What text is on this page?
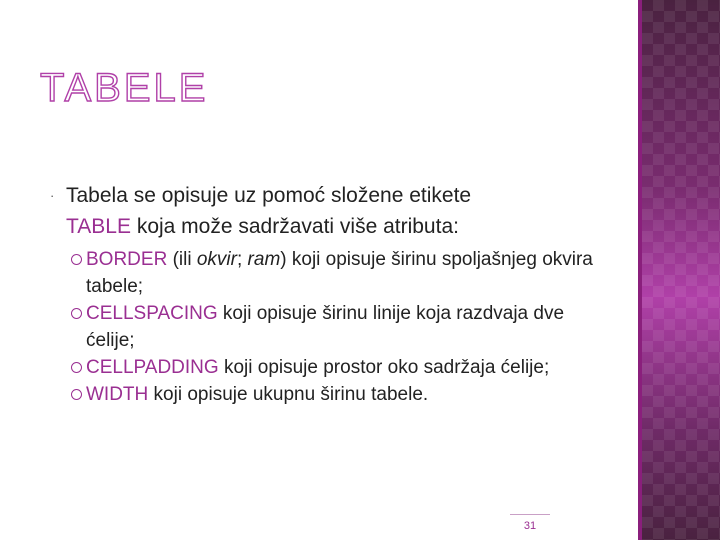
TABELE
· Tabela se opisuje uz pomoć složene etikete
TABLE koja može sadržavati više atributa:
BORDER (ili okvir; ram) koji opisuje širinu spoljašnjeg okvira tabele;
CELLSPACING koji opisuje širinu linije koja razdvaja dve ćelije;
CELLPADDING koji opisuje prostor oko sadržaja ćelije;
WIDTH koji opisuje ukupnu širinu tabele.
31
